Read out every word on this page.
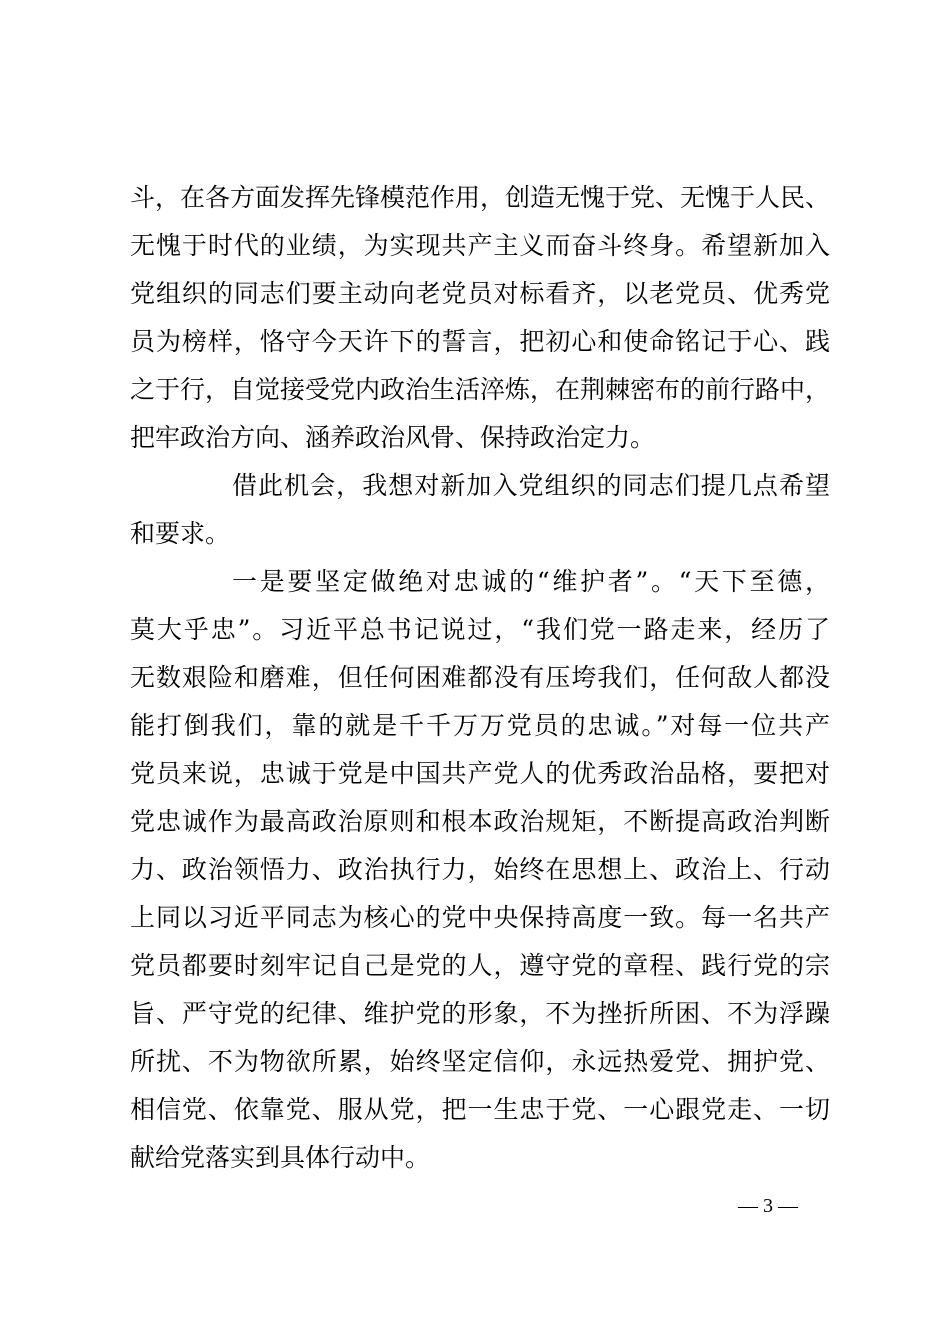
斗，在各方面发挥先锋模范作用，创造无愧于党、无愧于人民、
无愧于时代的业绩，为实现共产主义而奋斗终身。希望新加入
党组织的同志们要主动向老党员对标看齐，以老党员、优秀党
员为榜样，恪守今天许下的誓言，把初心和使命铭记于心、践
之于行，自觉接受党内政治生活淬炼，在荆棘密布的前行路中，
把牢政治方向、涵养政治风骨、保持政治定力。
借此机会，我想对新加入党组织的同志们提几点希望
和要求。
一是要坚定做绝对忠诚的“维护者”。“天下至德，
莫大乎忠”。习近平总书记说过，“我们党一路走来，经历了
无数艰险和磨难，但任何困难都没有压垮我们，任何敌人都没
能打倒我们，靠的就是千千万万党员的忠诚。”对每一位共产
党员来说，忠诚于党是中国共产党人的优秀政治品格，要把对
党忠诚作为最高政治原则和根本政治规矩，不断提高政治判断
力、政治领悟力、政治执行力，始终在思想上、政治上、行动
上同以习近平同志为核心的党中央保持高度一致。每一名共产
党员都要时刻牢记自己是党的人，遵守党的章程、践行党的宗
旨、严守党的纪律、维护党的形象，不为挫折所困、不为浮躁
所扰、不为物欲所累，始终坚定信仰，永远热爱党、拥护党、
相信党、依靠党、服从党，把一生忠于党、一心跟党走、一切
献给党落实到具体行动中。
— 3 —
